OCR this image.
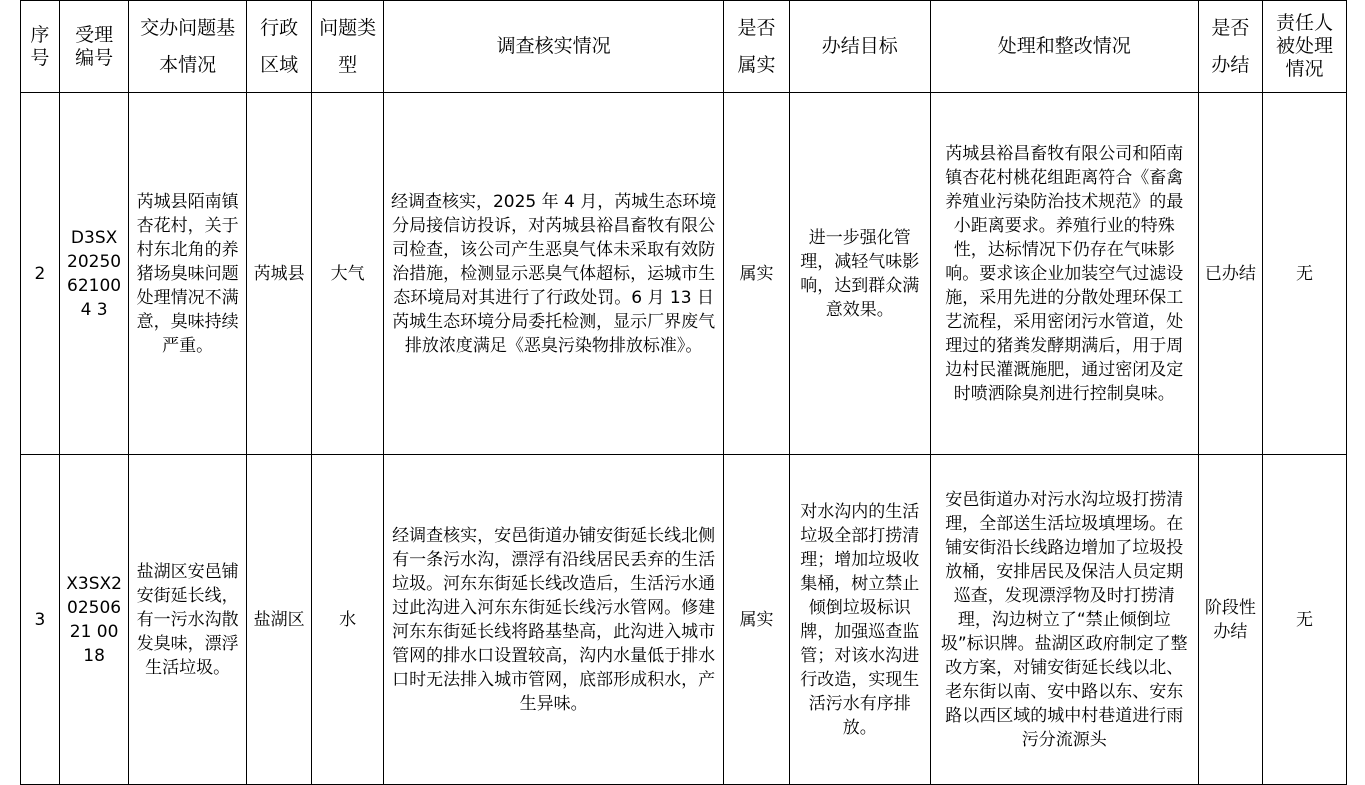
序号	受理编号	交办问题基本情况	行政区域	问题类型	调查核实情况	是否属实	办结目标	处理和整改情况	是否办结	责任人被处理情况
2	D3SX20250621004 3	芮城县陌南镇杏花村，关于村东北角的养猪场臭味问题处理情况不满意，臭味持续严重。	芮城县	大气	经调查核实，2025 年 4 月，芮城生态环境分局接信访投诉，对芮城县裕昌畜牧有限公司检查，该公司产生恶臭气体未采取有效防治措施，检测显示恶臭气体超标，运城市生态环境局对其进行了行政处罚。6 月 13 日芮城生态环境分局委托检测，显示厂界废气排放浓度满足《恶臭污染物排放标准》。	属实	进一步强化管理，减轻气味影响，达到群众满意效果。	芮城县裕昌畜牧有限公司和陌南镇杏花村桃花组距离符合《畜禽养殖业污染防治技术规范》的最小距离要求。养殖行业的特殊性，达标情况下仍存在气味影响。要求该企业加装空气过滤设施，采用先进的分散处理环保工艺流程，采用密闭污水管道，处理过的猪粪发酵期满后，用于周边村民灌溉施肥，通过密闭及定时喷洒除臭剂进行控制臭味。	已办结	无
3	X3SX20250621 0018	盐湖区安邑铺安街延长线，有一污水沟散发臭味，漂浮生活垃圾。	盐湖区	水	经调查核实，安邑街道办铺安街延长线北侧有一条污水沟，漂浮有沿线居民丢弃的生活垃圾。河东东街延长线改造后，生活污水通过此沟进入河东东街延长线污水管网。修建河东东街延长线将路基垫高，此沟进入城市管网的排水口设置较高，沟内水量低于排水口时无法排入城市管网，底部形成积水，产生异味。	属实	对水沟内的生活垃圾全部打捞清理；增加垃圾收集桶，树立禁止倾倒垃圾标识牌，加强巡查监管；对该水沟进行改造，实现生活污水有序排放。	安邑街道办对污水沟垃圾打捞清理，全部送生活垃圾填埋场。在铺安街沿长线路边增加了垃圾投放桶，安排居民及保洁人员定期巡查，发现漂浮物及时打捞清理，沟边树立了“禁止倾倒垃圾”标识牌。盐湖区政府制定了整改方案，对铺安街延长线以北、老东街以南、安中路以东、安东路以西区域的城中村巷道进行雨污分流源头	阶段性办结	无
